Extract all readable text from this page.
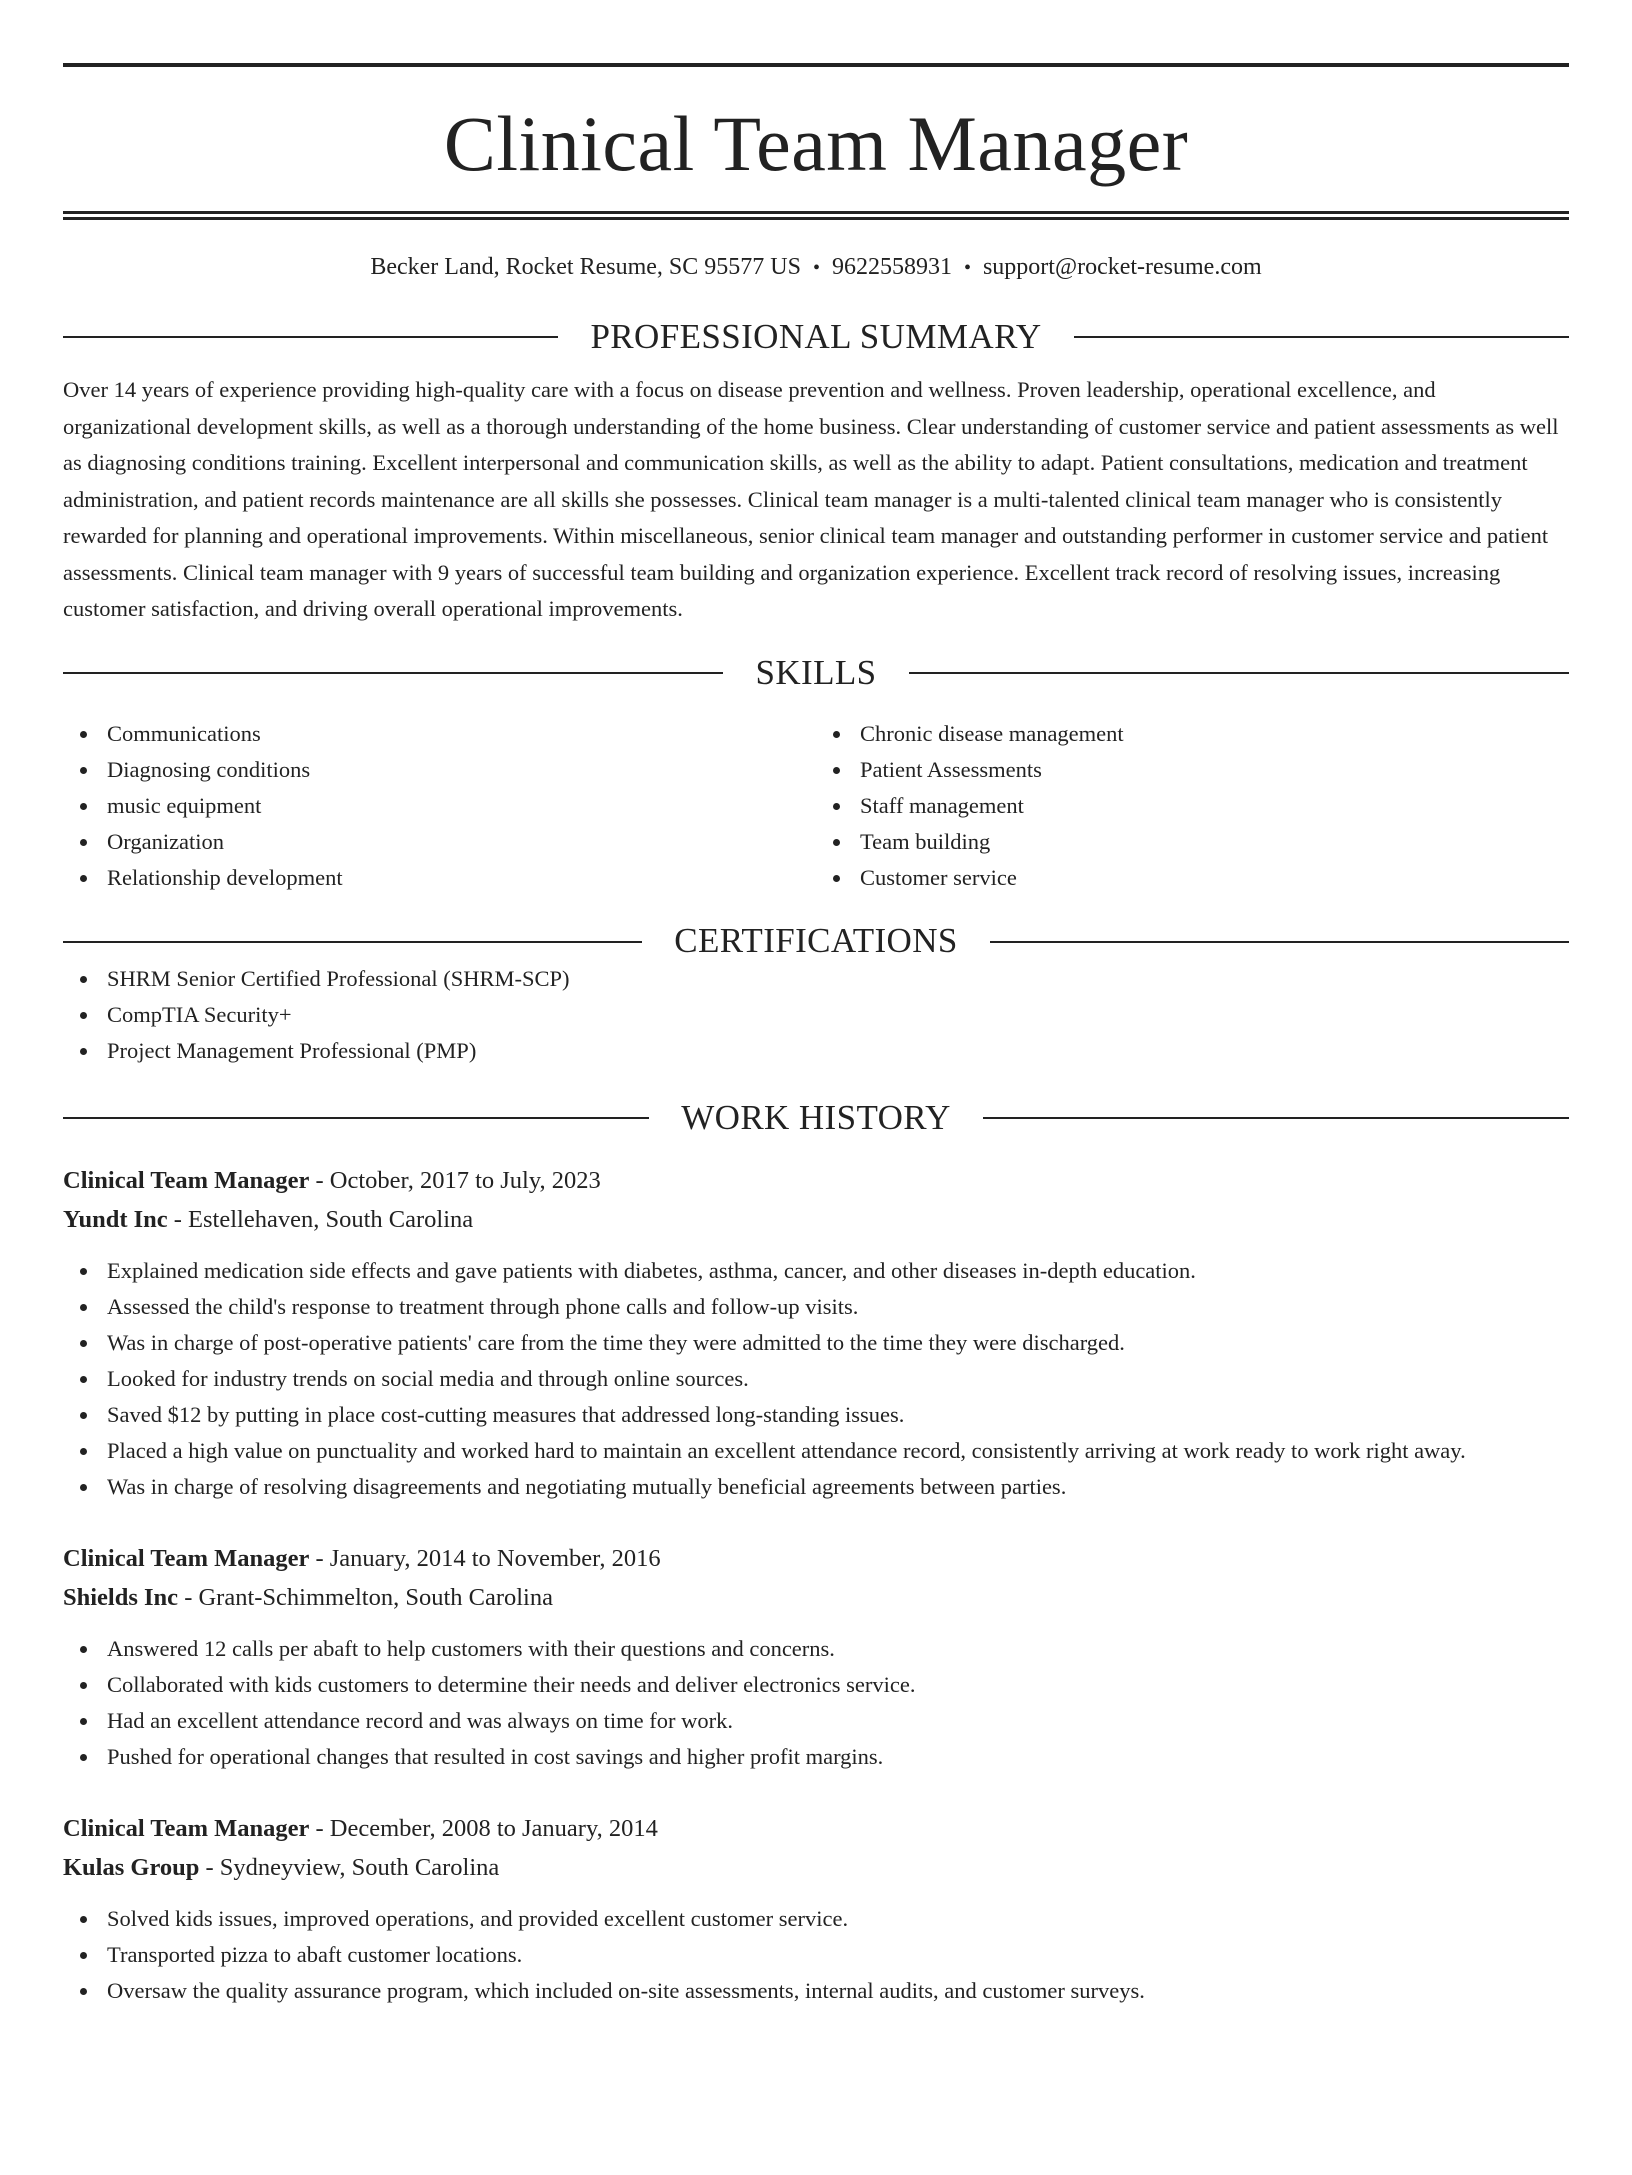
Clinical Team Manager
Becker Land, Rocket Resume, SC 95577 US • 9622558931 • support@rocket-resume.com
PROFESSIONAL SUMMARY

Over 14 years of experience providing high-quality care with a focus on disease prevention and wellness. Proven leadership, operational excellence, and organizational development skills, as well as a thorough understanding of the home business. Clear understanding of customer service and patient assessments as well as diagnosing conditions training. Excellent interpersonal and communication skills, as well as the ability to adapt. Patient consultations, medication and treatment administration, and patient records maintenance are all skills she possesses. Clinical team manager is a multi-talented clinical team manager who is consistently rewarded for planning and operational improvements. Within miscellaneous, senior clinical team manager and outstanding performer in customer service and patient assessments. Clinical team manager with 9 years of successful team building and organization experience. Excellent track record of resolving issues, increasing customer satisfaction, and driving overall operational improvements.

SKILLS
Communications
Diagnosing conditions
music equipment
Organization
Relationship development
Chronic disease management
Patient Assessments
Staff management
Team building
Customer service
CERTIFICATIONS
SHRM Senior Certified Professional (SHRM-SCP)
CompTIA Security+
Project Management Professional (PMP)
WORK HISTORY
Clinical Team Manager - October, 2017 to July, 2023
Yundt Inc - Estellehaven, South Carolina
Explained medication side effects and gave patients with diabetes, asthma, cancer, and other diseases in-depth education.
Assessed the child's response to treatment through phone calls and follow-up visits.
Was in charge of post-operative patients' care from the time they were admitted to the time they were discharged.
Looked for industry trends on social media and through online sources.
Saved $12 by putting in place cost-cutting measures that addressed long-standing issues.
Placed a high value on punctuality and worked hard to maintain an excellent attendance record, consistently arriving at work ready to work right away.
Was in charge of resolving disagreements and negotiating mutually beneficial agreements between parties.
Clinical Team Manager - January, 2014 to November, 2016
Shields Inc - Grant-Schimmelton, South Carolina
Answered 12 calls per abaft to help customers with their questions and concerns.
Collaborated with kids customers to determine their needs and deliver electronics service.
Had an excellent attendance record and was always on time for work.
Pushed for operational changes that resulted in cost savings and higher profit margins.
Clinical Team Manager - December, 2008 to January, 2014
Kulas Group - Sydneyview, South Carolina
Solved kids issues, improved operations, and provided excellent customer service.
Transported pizza to abaft customer locations.
Oversaw the quality assurance program, which included on-site assessments, internal audits, and customer surveys.
